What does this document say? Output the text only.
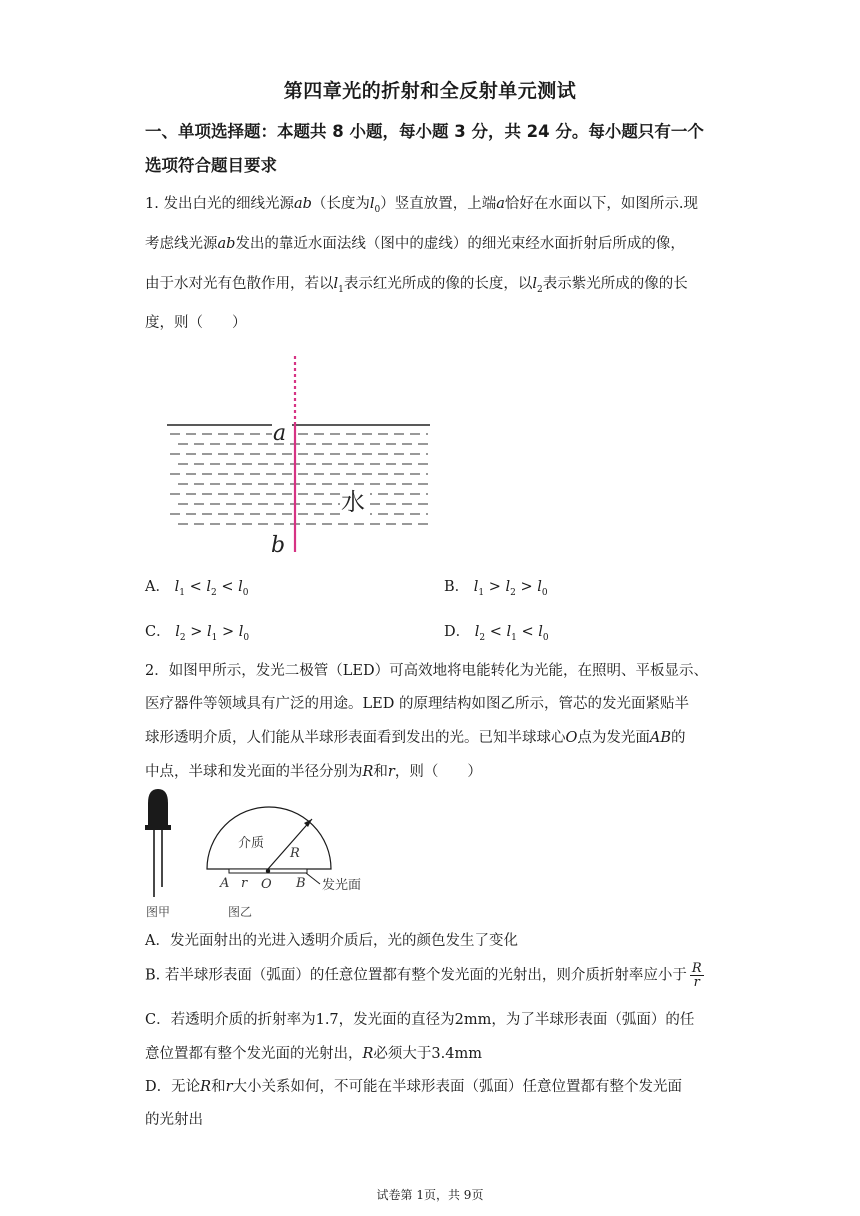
第四章光的折射和全反射单元测试
一、单项选择题：本题共 8 小题，每小题 3 分，共 24 分。每小题只有一个
选项符合题目要求
1. 发出白光的细线光源ab（长度为$l_0$）竖直放置，上端a恰好在水面以下，如图所示.现
考虑线光源ab发出的靠近水面法线（图中的虚线）的细光束经水面折射后所成的像，
由于水对光有色散作用，若以$l_1$表示红光所成的像的长度，以$l_2$表示紫光所成的像的长
度，则（　　）
a
b
水
A． $l_1 < l_2 < l_0$	B． $l_1 > l_2 > l_0$
C． $l_2 > l_1 > l_0$	D． $l_2 < l_1 < l_0$
2．如图甲所示，发光二极管（LED）可高效地将电能转化为光能，在照明、平板显示、
医疗器件等领域具有广泛的用途。LED 的原理结构如图乙所示，管芯的发光面紧贴半
球形透明介质，人们能从半球形表面看到发出的光。已知半球球心O点为发光面AB的
中点，半球和发光面的半径分别为R和r，则（　　）
图甲
介质
R
A r O B 发光面
图乙
A．发光面射出的光进入透明介质后，光的颜色发生了变化
B. 若半球形表面（弧面）的任意位置都有整个发光面的光射出，则介质折射率应小于 $\frac{R}{r}$
C．若透明介质的折射率为1.7，发光面的直径为2mm，为了半球形表面（弧面）的任
意位置都有整个发光面的光射出，R必须大于3.4mm
D．无论R和r大小关系如何，不可能在半球形表面（弧面）任意位置都有整个发光面
的光射出
试卷第 1页，共 9页
